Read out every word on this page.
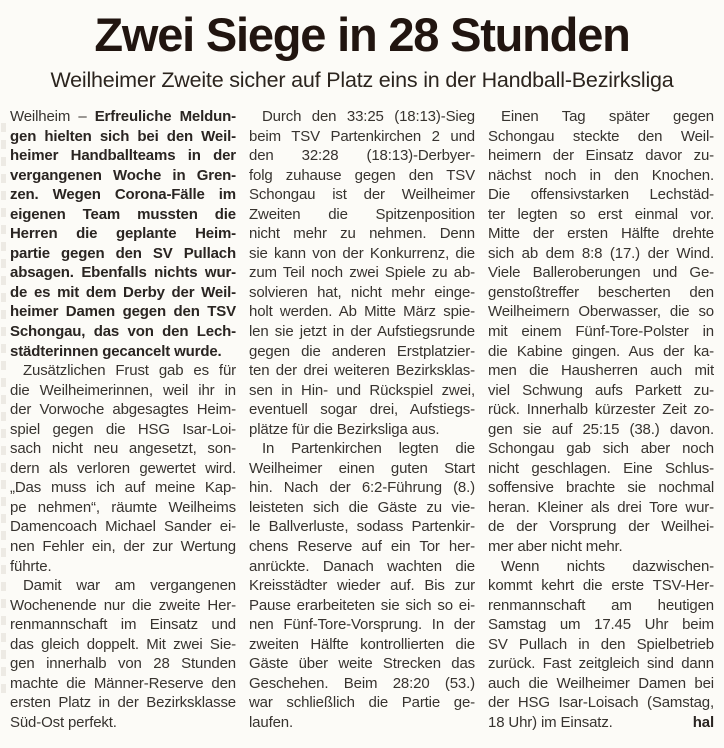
Zwei Siege in 28 Stunden
Weilheimer Zweite sicher auf Platz eins in der Handball-Bezirksliga
Weilheim – Erfreuliche Meldun-
gen hielten sich bei den Weil-
heimer Handballteams in der
vergangenen Woche in Gren-
zen. Wegen Corona-Fälle im
eigenen Team mussten die
Herren die geplante Heim-
partie gegen den SV Pullach
absagen. Ebenfalls nichts wur-
de es mit dem Derby der Weil-
heimer Damen gegen den TSV
Schongau, das von den Lech-
städterinnen gecancelt wurde.
Zusätzlichen Frust gab es für
die Weilheimerinnen, weil ihr in
der Vorwoche abgesagtes Heim-
spiel gegen die HSG Isar-Loi-
sach nicht neu angesetzt, son-
dern als verloren gewertet wird.
„Das muss ich auf meine Kap-
pe nehmen“, räumte Weilheims
Damencoach Michael Sander ei-
nen Fehler ein, der zur Wertung
führte.
Damit war am vergangenen
Wochenende nur die zweite Her-
renmannschaft im Einsatz und
das gleich doppelt. Mit zwei Sie-
gen innerhalb von 28 Stunden
machte die Männer-Reserve den
ersten Platz in der Bezirksklasse
Süd-Ost perfekt.
Durch den 33:25 (18:13)-Sieg
beim TSV Partenkirchen 2 und
den 32:28 (18:13)-Derbyer-
folg zuhause gegen den TSV
Schongau ist der Weilheimer
Zweiten die Spitzenposition
nicht mehr zu nehmen. Denn
sie kann von der Konkurrenz, die
zum Teil noch zwei Spiele zu ab-
solvieren hat, nicht mehr einge-
holt werden. Ab Mitte März spie-
len sie jetzt in der Aufstiegsrunde
gegen die anderen Erstplatzier-
ten der drei weiteren Bezirksklas-
sen in Hin- und Rückspiel zwei,
eventuell sogar drei, Aufstiegs-
plätze für die Bezirksliga aus.
In Partenkirchen legten die
Weilheimer einen guten Start
hin. Nach der 6:2-Führung (8.)
leisteten sich die Gäste zu vie-
le Ballverluste, sodass Partenkir-
chens Reserve auf ein Tor her-
anrückte. Danach wachten die
Kreisstädter wieder auf. Bis zur
Pause erarbeiteten sie sich so ei-
nen Fünf-Tore-Vorsprung. In der
zweiten Hälfte kontrollierten die
Gäste über weite Strecken das
Geschehen. Beim 28:20 (53.)
war schließlich die Partie ge-
laufen.
Einen Tag später gegen
Schongau steckte den Weil-
heimern der Einsatz davor zu-
nächst noch in den Knochen.
Die offensivstarken Lechstäd-
ter legten so erst einmal vor.
Mitte der ersten Hälfte drehte
sich ab dem 8:8 (17.) der Wind.
Viele Balleroberungen und Ge-
genstoßtreffer bescherten den
Weilheimern Oberwasser, die so
mit einem Fünf-Tore-Polster in
die Kabine gingen. Aus der ka-
men die Hausherren auch mit
viel Schwung aufs Parkett zu-
rück. Innerhalb kürzester Zeit zo-
gen sie auf 25:15 (38.) davon.
Schongau gab sich aber noch
nicht geschlagen. Eine Schlus-
soffensive brachte sie nochmal
heran. Kleiner als drei Tore wur-
de der Vorsprung der Weilhei-
mer aber nicht mehr.
Wenn nichts dazwischen-
kommt kehrt die erste TSV-Her-
renmannschaft am heutigen
Samstag um 17.45 Uhr beim
SV Pullach in den Spielbetrieb
zurück. Fast zeitgleich sind dann
auch die Weilheimer Damen bei
der HSG Isar-Loisach (Samstag,
hal
18 Uhr) im Einsatz.
